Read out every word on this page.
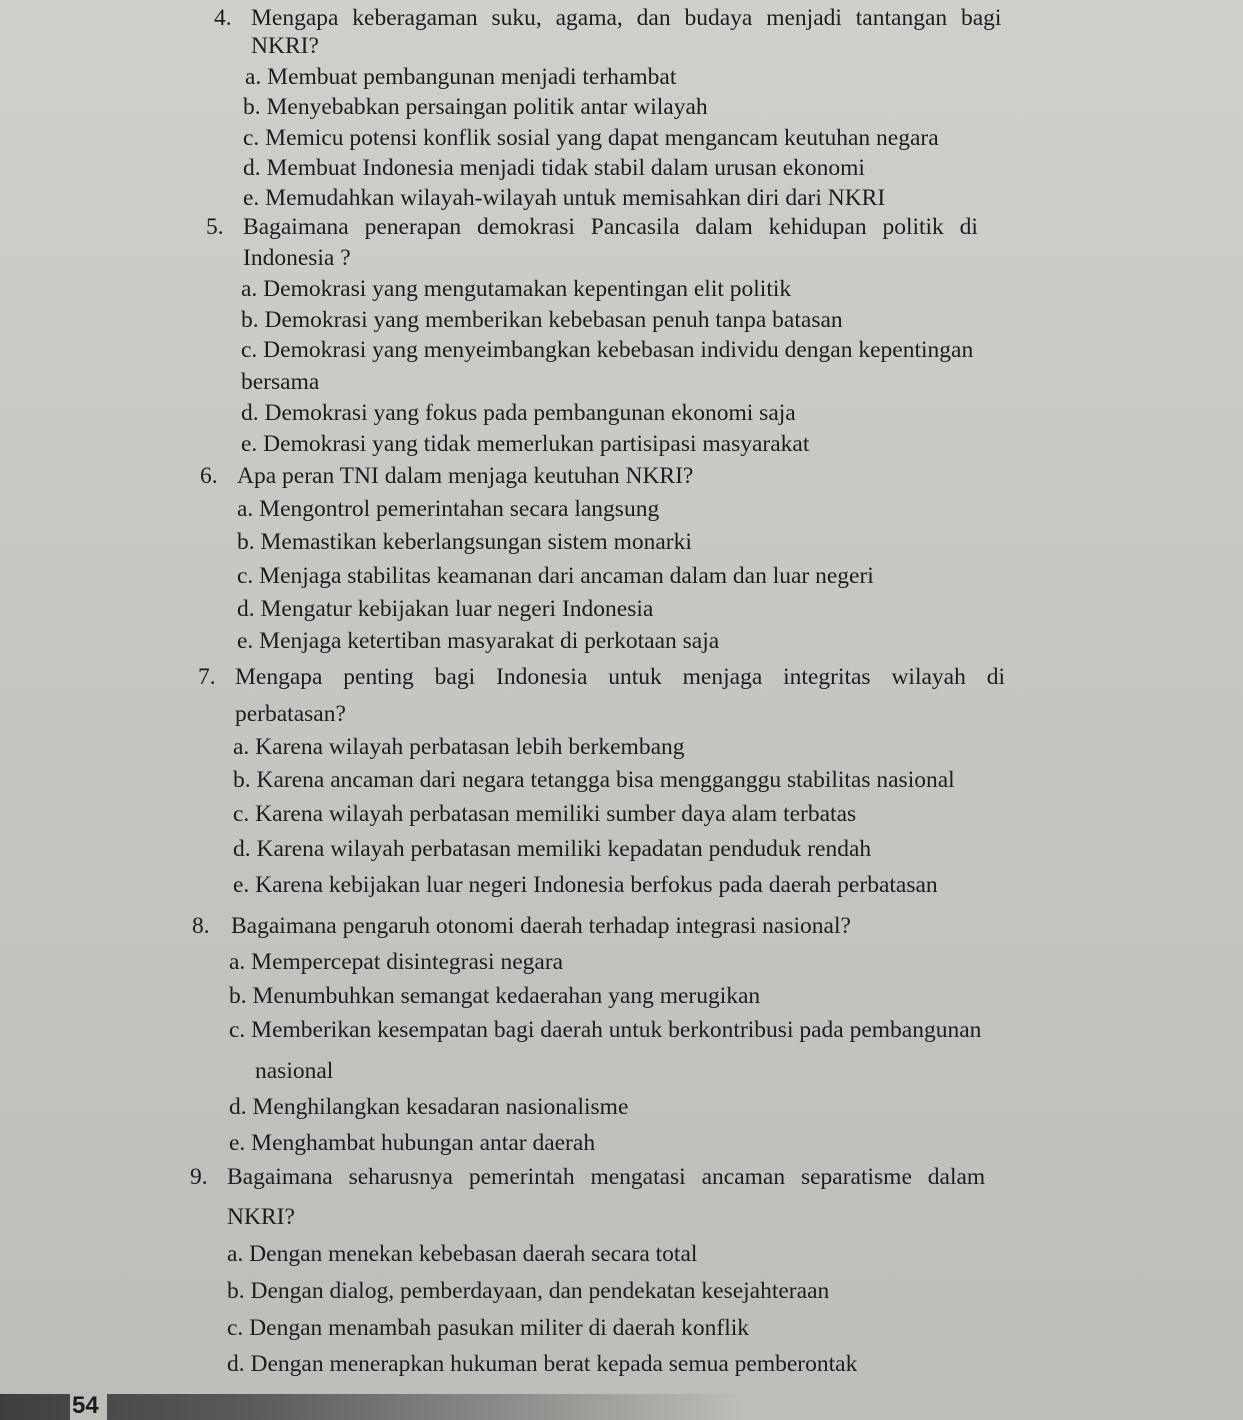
4. Mengapa keberagaman suku, agama, dan budaya menjadi tantangan bagi
NKRI?
a. Membuat pembangunan menjadi terhambat
b. Menyebabkan persaingan politik antar wilayah
c. Memicu potensi konflik sosial yang dapat mengancam keutuhan negara
d. Membuat Indonesia menjadi tidak stabil dalam urusan ekonomi
e. Memudahkan wilayah-wilayah untuk memisahkan diri dari NKRI
5. Bagaimana penerapan demokrasi Pancasila dalam kehidupan politik di
Indonesia ?
a. Demokrasi yang mengutamakan kepentingan elit politik
b. Demokrasi yang memberikan kebebasan penuh tanpa batasan
c. Demokrasi yang menyeimbangkan kebebasan individu dengan kepentingan
bersama
d. Demokrasi yang fokus pada pembangunan ekonomi saja
e. Demokrasi yang tidak memerlukan partisipasi masyarakat
6. Apa peran TNI dalam menjaga keutuhan NKRI?
a. Mengontrol pemerintahan secara langsung
b. Memastikan keberlangsungan sistem monarki
c. Menjaga stabilitas keamanan dari ancaman dalam dan luar negeri
d. Mengatur kebijakan luar negeri Indonesia
e. Menjaga ketertiban masyarakat di perkotaan saja
7. Mengapa penting bagi Indonesia untuk menjaga integritas wilayah di
perbatasan?
a. Karena wilayah perbatasan lebih berkembang
b. Karena ancaman dari negara tetangga bisa mengganggu stabilitas nasional
c. Karena wilayah perbatasan memiliki sumber daya alam terbatas
d. Karena wilayah perbatasan memiliki kepadatan penduduk rendah
e. Karena kebijakan luar negeri Indonesia berfokus pada daerah perbatasan
8. Bagaimana pengaruh otonomi daerah terhadap integrasi nasional?
a. Mempercepat disintegrasi negara
b. Menumbuhkan semangat kedaerahan yang merugikan
c. Memberikan kesempatan bagi daerah untuk berkontribusi pada pembangunan
nasional
d. Menghilangkan kesadaran nasionalisme
e. Menghambat hubungan antar daerah
9. Bagaimana seharusnya pemerintah mengatasi ancaman separatisme dalam
NKRI?
a. Dengan menekan kebebasan daerah secara total
b. Dengan dialog, pemberdayaan, dan pendekatan kesejahteraan
c. Dengan menambah pasukan militer di daerah konflik
d. Dengan menerapkan hukuman berat kepada semua pemberontak
54
